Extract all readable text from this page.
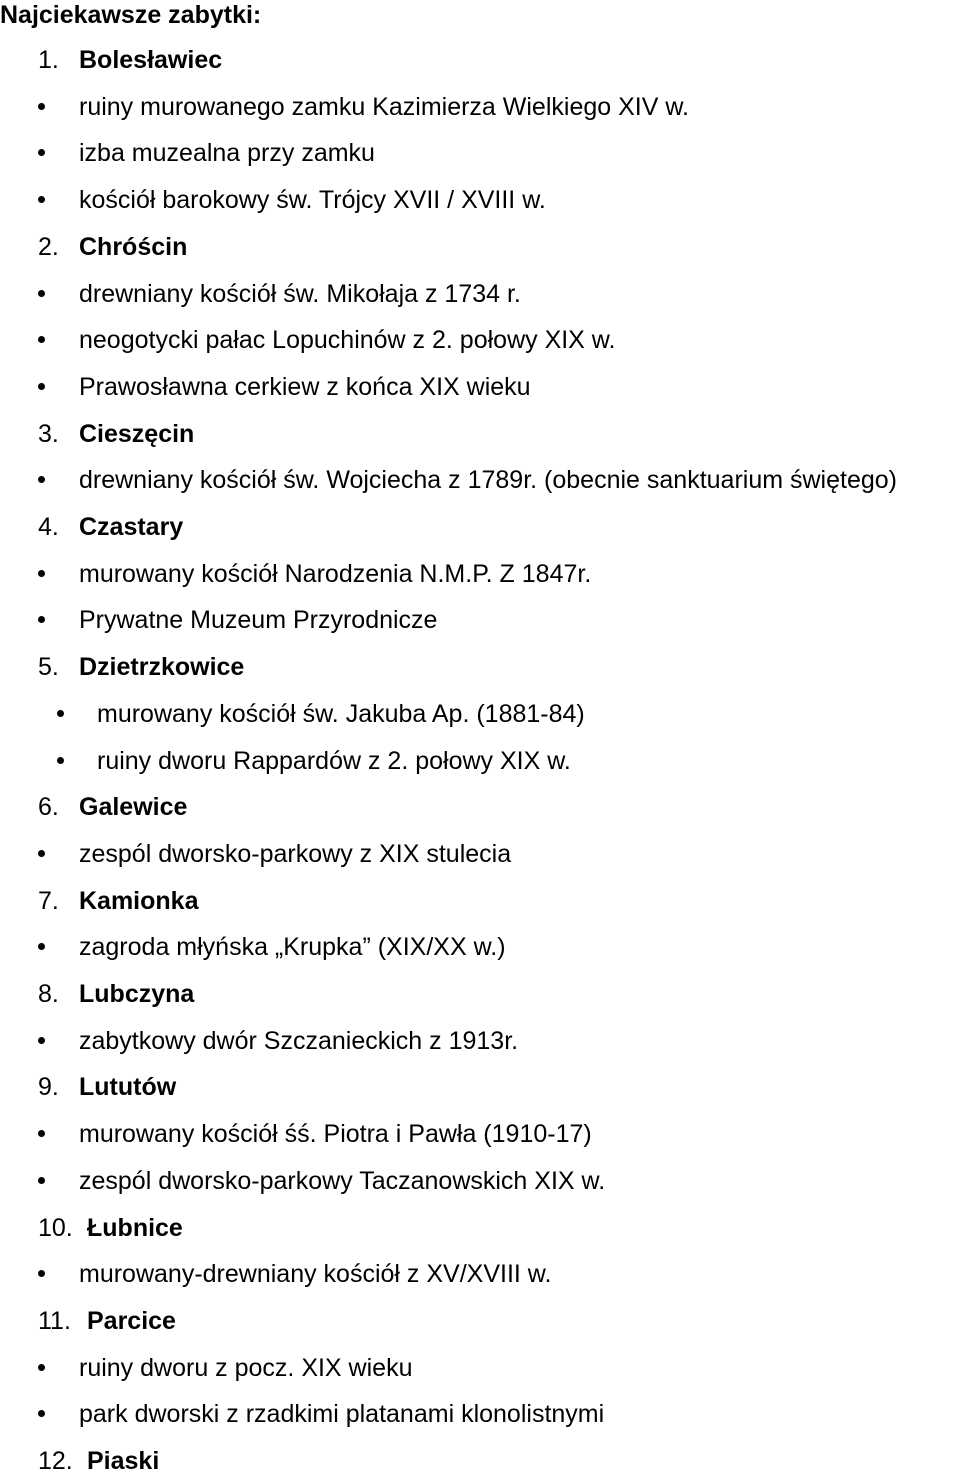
Najciekawsze zabytki:
1. Bolesławiec
ruiny murowanego zamku Kazimierza Wielkiego XIV w.
izba muzealna przy zamku
kościół barokowy św. Trójcy XVII / XVIII w.
2. Chróścin
drewniany kościół św. Mikołaja z 1734 r.
neogotycki pałac Lopuchinów z 2. połowy XIX w.
Prawosławna cerkiew z końca XIX wieku
3. Cieszęcin
drewniany kościół św. Wojciecha z 1789r. (obecnie sanktuarium świętego)
4. Czastary
murowany kościół Narodzenia N.M.P. Z 1847r.
Prywatne Muzeum Przyrodnicze
5. Dzietrzkowice
murowany kościół św. Jakuba Ap. (1881-84)
ruiny dworu Rappardów z 2. połowy XIX w.
6. Galewice
zespól dworsko-parkowy z XIX stulecia
7. Kamionka
zagroda młyńska „Krupka” (XIX/XX w.)
8. Lubczyna
zabytkowy dwór Szczanieckich z 1913r.
9. Lututów
murowany kościół śś. Piotra i Pawła (1910-17)
zespól dworsko-parkowy Taczanowskich XIX w.
10. Łubnice
murowany-drewniany kościół z XV/XVIII w.
11. Parcice
ruiny dworu z pocz. XIX wieku
park dworski z rzadkimi platanami klonolistnymi
12. Piaski
